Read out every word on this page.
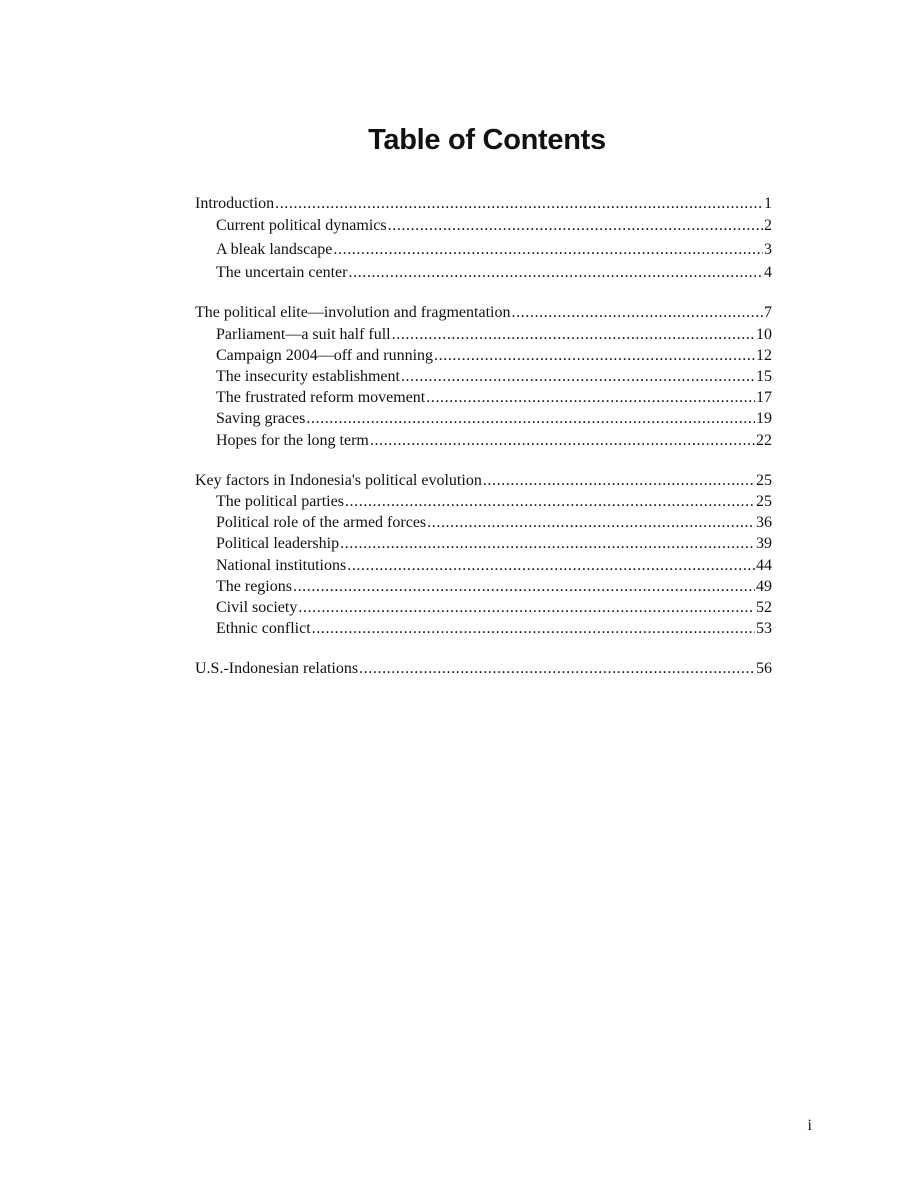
Table of Contents
Introduction .....	1
Current political dynamics .....	2
A bleak landscape .....	3
The uncertain center .....	4
The political elite—involution and fragmentation .....	7
Parliament—a suit half full .....	10
Campaign 2004—off and running .....	12
The insecurity establishment .....	15
The frustrated reform movement .....	17
Saving graces .....	19
Hopes for the long term .....	22
Key factors in Indonesia's political evolution .....	25
The political parties .....	25
Political role of the armed forces .....	36
Political leadership .....	39
National institutions .....	44
The regions .....	49
Civil society .....	52
Ethnic conflict .....	53
U.S.-Indonesian relations .....	56
i
